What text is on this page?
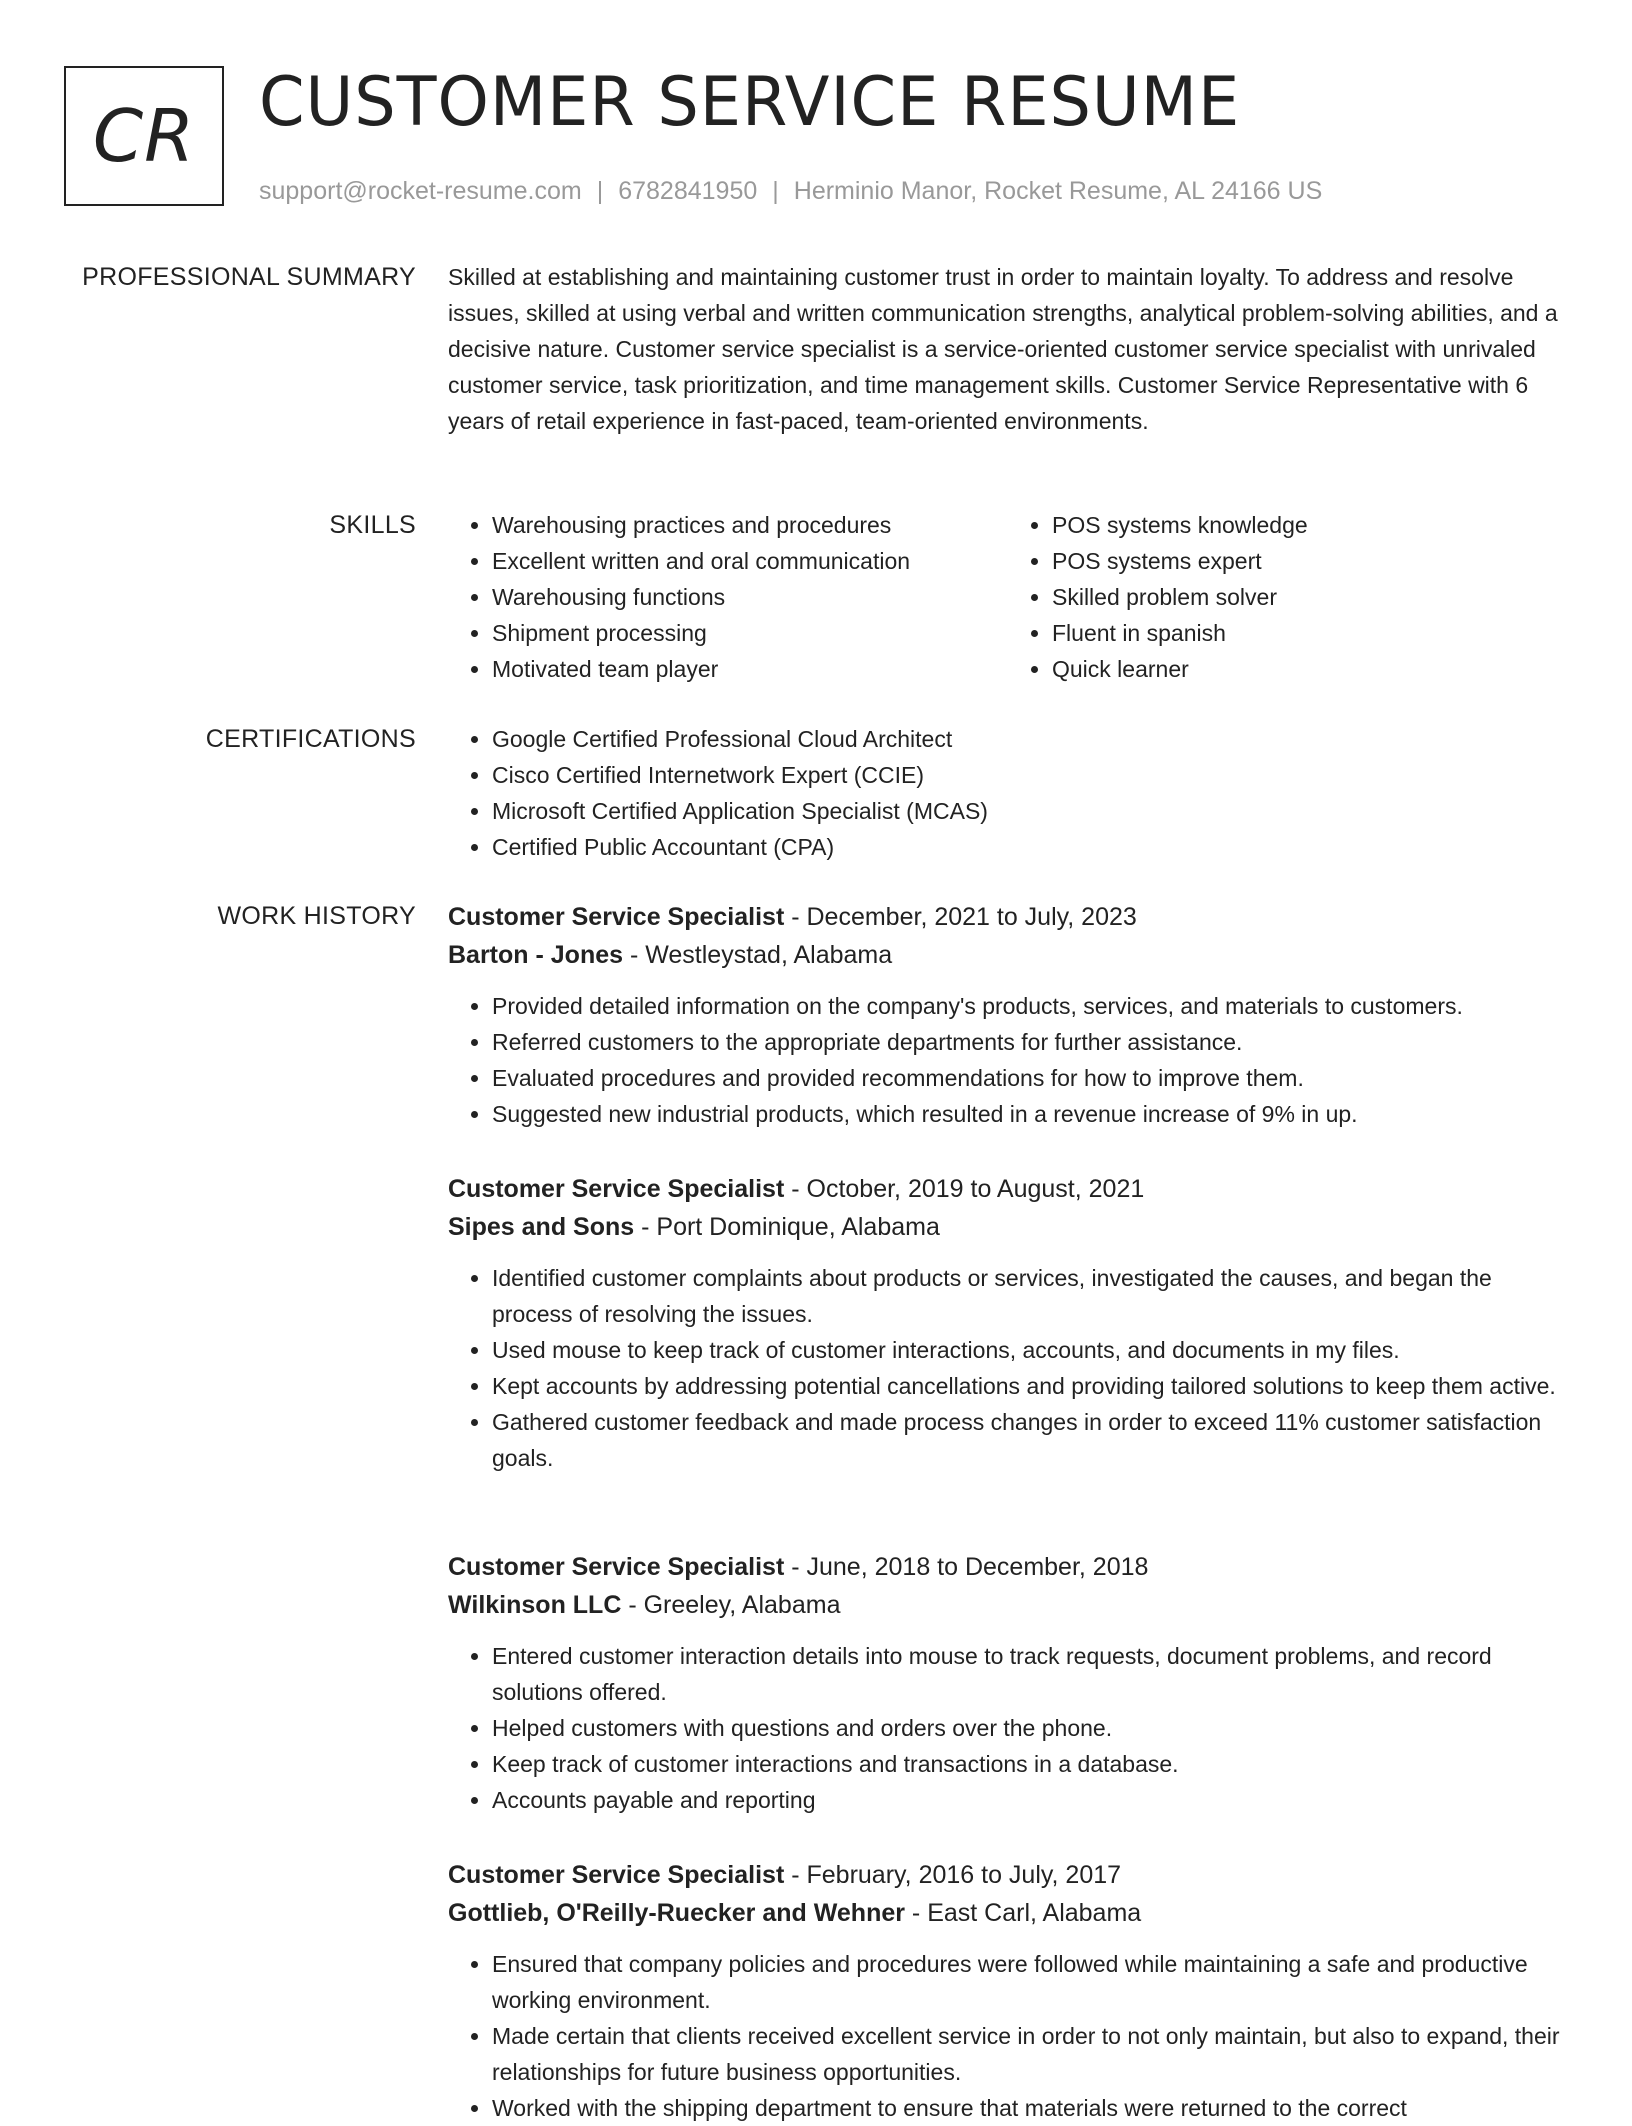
CR CUSTOMER SERVICE RESUME
support@rocket-resume.com | 6782841950 | Herminio Manor, Rocket Resume, AL 24166 US
PROFESSIONAL SUMMARY Skilled at establishing and maintaining customer trust in order to maintain loyalty. To address and resolve issues, skilled at using verbal and written communication strengths, analytical problem-solving abilities, and a decisive nature. Customer service specialist is a service-oriented customer service specialist with unrivaled customer service, task prioritization, and time management skills. Customer Service Representative with 6 years of retail experience in fast-paced, team-oriented environments.

SKILLS	• Warehousing practices and procedures
• Excellent written and oral communication
• Warehousing functions
• Shipment processing
• Motivated team player
• POS systems knowledge
• POS systems expert
• Skilled problem solver
• Fluent in spanish
• Quick learner
CERTIFICATIONS	• Google Certified Professional Cloud Architect
• Cisco Certified Internetwork Expert (CCIE)
• Microsoft Certified Application Specialist (MCAS)
• Certified Public Accountant (CPA)
WORK HISTORY Customer Service Specialist - December, 2021 to July, 2023
Barton - Jones - Westleystad, Alabama
• Provided detailed information on the company's products, services, and materials to customers.
• Referred customers to the appropriate departments for further assistance.
• Evaluated procedures and provided recommendations for how to improve them.
• Suggested new industrial products, which resulted in a revenue increase of 9% in up.
Customer Service Specialist - October, 2019 to August, 2021
Sipes and Sons - Port Dominique, Alabama
• Identified customer complaints about products or services, investigated the causes, and began the process of resolving the issues.
• Used mouse to keep track of customer interactions, accounts, and documents in my files.
• Kept accounts by addressing potential cancellations and providing tailored solutions to keep them active.
• Gathered customer feedback and made process changes in order to exceed 11% customer satisfaction goals.
Customer Service Specialist - June, 2018 to December, 2018
Wilkinson LLC - Greeley, Alabama
• Entered customer interaction details into mouse to track requests, document problems, and record solutions offered.
• Helped customers with questions and orders over the phone.
• Keep track of customer interactions and transactions in a database.
• Accounts payable and reporting
Customer Service Specialist - February, 2016 to July, 2017
Gottlieb, O'Reilly-Ruecker and Wehner - East Carl, Alabama
• Ensured that company policies and procedures were followed while maintaining a safe and productive working environment.
• Made certain that clients received excellent service in order to not only maintain, but also to expand, their relationships for future business opportunities.
• Worked with the shipping department to ensure that materials were returned to the correct
